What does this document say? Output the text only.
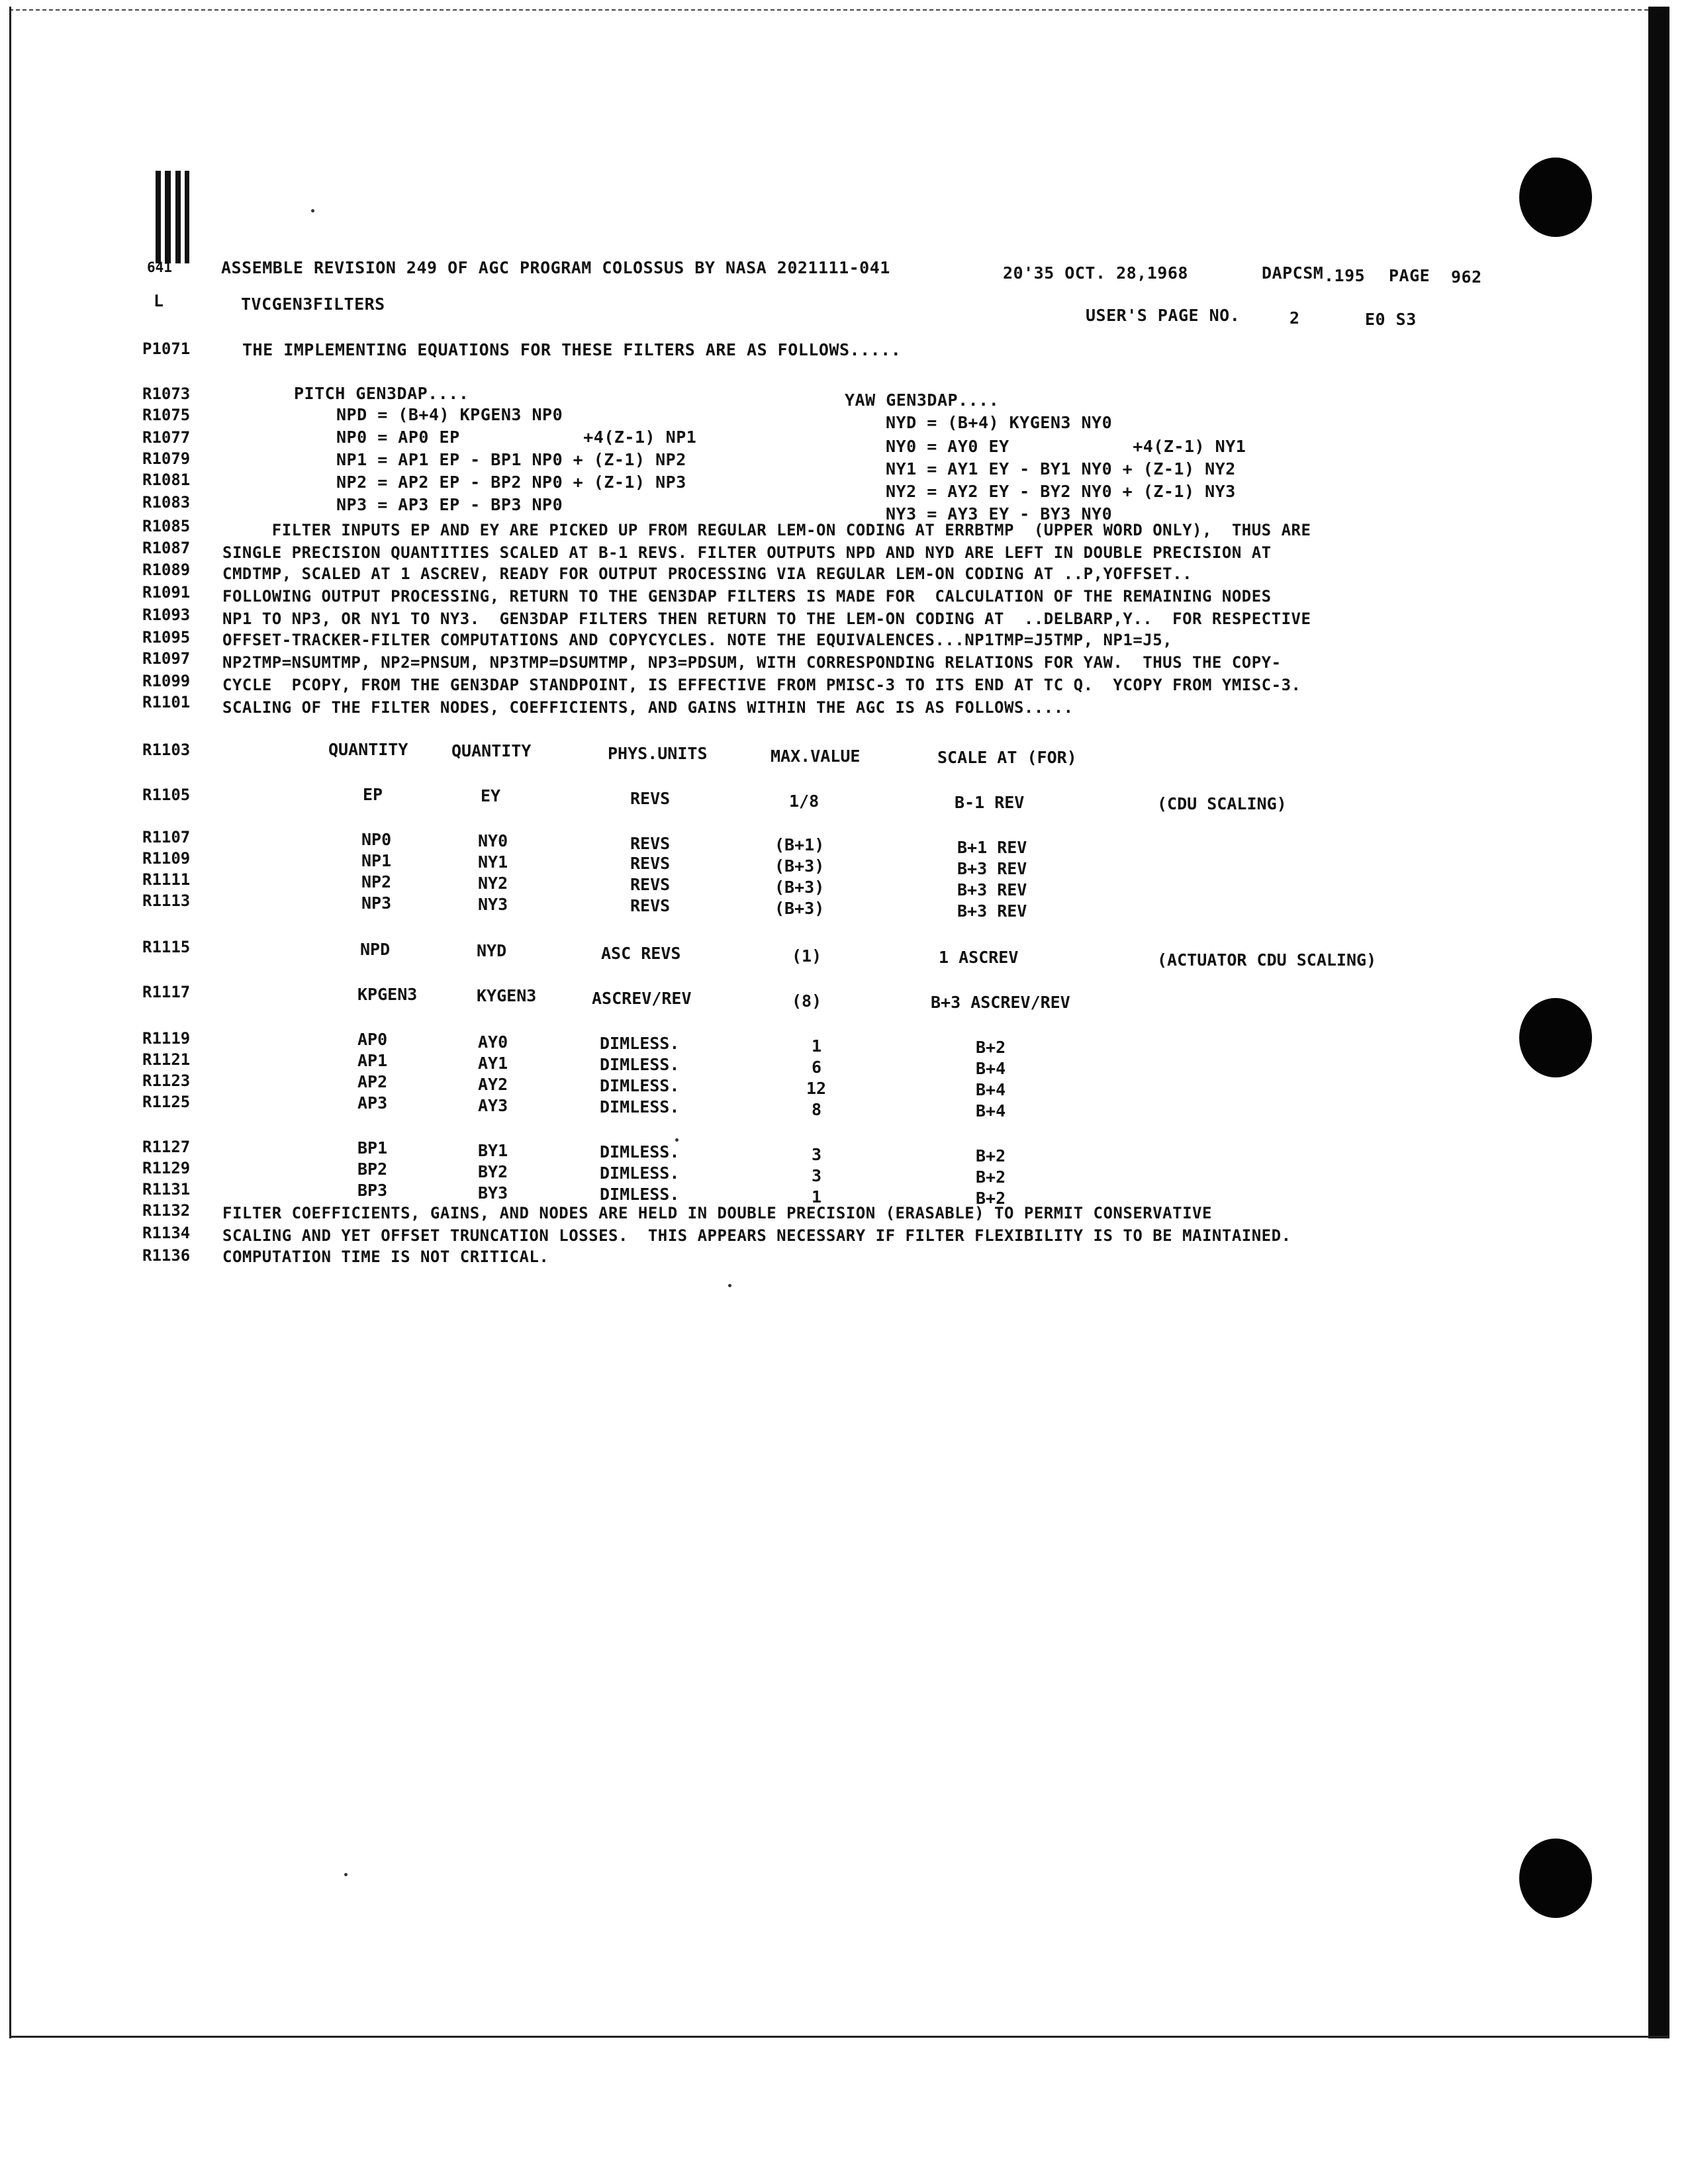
641	ASSEMBLE REVISION 249 OF AGC PROGRAM COLOSSUS BY NASA 2021111-041	20'35 OCT. 28,1968	DAPCSM .195 PAGE 962
L	TVCGEN3FILTERS
USER'S PAGE NO.	2	E0 S3
P1071	THE IMPLEMENTING EQUATIONS FOR THESE FILTERS ARE AS FOLLOWS.....
R1073	PITCH GEN3DAP....	YAW GEN3DAP....
R1075	NPD = (B+4) KPGEN3 NP0	NYD = (B+4) KYGEN3 NY0
R1077	NP0 = AP0 EP            +4(Z-1) NP1	NY0 = AY0 EY            +4(Z-1) NY1
R1079	NP1 = AP1 EP - BP1 NP0 + (Z-1) NP2	NY1 = AY1 EY - BY1 NY0 + (Z-1) NY2
R1081	NP2 = AP2 EP - BP2 NP0 + (Z-1) NP3	NY2 = AY2 EY - BY2 NY0 + (Z-1) NY3
R1083	NP3 = AP3 EP - BP3 NP0	NY3 = AY3 EY - BY3 NY0
R1085 FILTER INPUTS EP AND EY ARE PICKED UP FROM REGULAR LEM-ON CODING AT ERRBTMP  (UPPER WORD ONLY),  THUS ARE
R1087 SINGLE PRECISION QUANTITIES SCALED AT B-1 REVS. FILTER OUTPUTS NPD AND NYD ARE LEFT IN DOUBLE PRECISION AT
R1089 CMDTMP, SCALED AT 1 ASCREV, READY FOR OUTPUT PROCESSING VIA REGULAR LEM-ON CODING AT ..P,YOFFSET..
R1091 FOLLOWING OUTPUT PROCESSING, RETURN TO THE GEN3DAP FILTERS IS MADE FOR  CALCULATION OF THE REMAINING NODES
R1093 NP1 TO NP3, OR NY1 TO NY3.  GEN3DAP FILTERS THEN RETURN TO THE LEM-ON CODING AT  ..DELBARP,Y..  FOR RESPECTIVE
R1095 OFFSET-TRACKER-FILTER COMPUTATIONS AND COPYCYCLES. NOTE THE EQUIVALENCES...NP1TMP=J5TMP, NP1=J5,
R1097 NP2TMP=NSUMTMP, NP2=PNSUM, NP3TMP=DSUMTMP, NP3=PDSUM, WITH CORRESPONDING RELATIONS FOR YAW.  THUS THE COPY-
R1099 CYCLE  PCOPY, FROM THE GEN3DAP STANDPOINT, IS EFFECTIVE FROM PMISC-3 TO ITS END AT TC Q.  YCOPY FROM YMISC-3.
R1101 SCALING OF THE FILTER NODES, COEFFICIENTS, AND GAINS WITHIN THE AGC IS AS FOLLOWS.....
R1103	QUANTITY	QUANTITY	PHYS.UNITS	MAX.VALUE	SCALE AT (FOR)
R1105	EP	EY	REVS	1/8	B-1 REV	(CDU SCALING)
R1107	NP0	NY0	REVS	(B+1)	B+1 REV
R1109	NP1	NY1	REVS	(B+3)	B+3 REV
R1111	NP2	NY2	REVS	(B+3)	B+3 REV
R1113	NP3	NY3	REVS	(B+3)	B+3 REV
R1115	NPD	NYD	ASC REVS	(1)	1 ASCREV	(ACTUATOR CDU SCALING)
R1117	KPGEN3	KYGEN3	ASCREV/REV	(8)	B+3 ASCREV/REV
R1119	AP0	AY0	DIMLESS.	1	B+2
R1121	AP1	AY1	DIMLESS.	6	B+4
R1123	AP2	AY2	DIMLESS.	12	B+4
R1125	AP3	AY3	DIMLESS.	8	B+4
R1127	BP1	BY1	DIMLESS.	3	B+2
R1129	BP2	BY2	DIMLESS.	3	B+2
R1131	BP3	BY3	DIMLESS.	1	B+2
R1132 FILTER COEFFICIENTS, GAINS, AND NODES ARE HELD IN DOUBLE PRECISION (ERASABLE) TO PERMIT CONSERVATIVE
R1134 SCALING AND YET OFFSET TRUNCATION LOSSES.  THIS APPEARS NECESSARY IF FILTER FLEXIBILITY IS TO BE MAINTAINED.
R1136 COMPUTATION TIME IS NOT CRITICAL.
